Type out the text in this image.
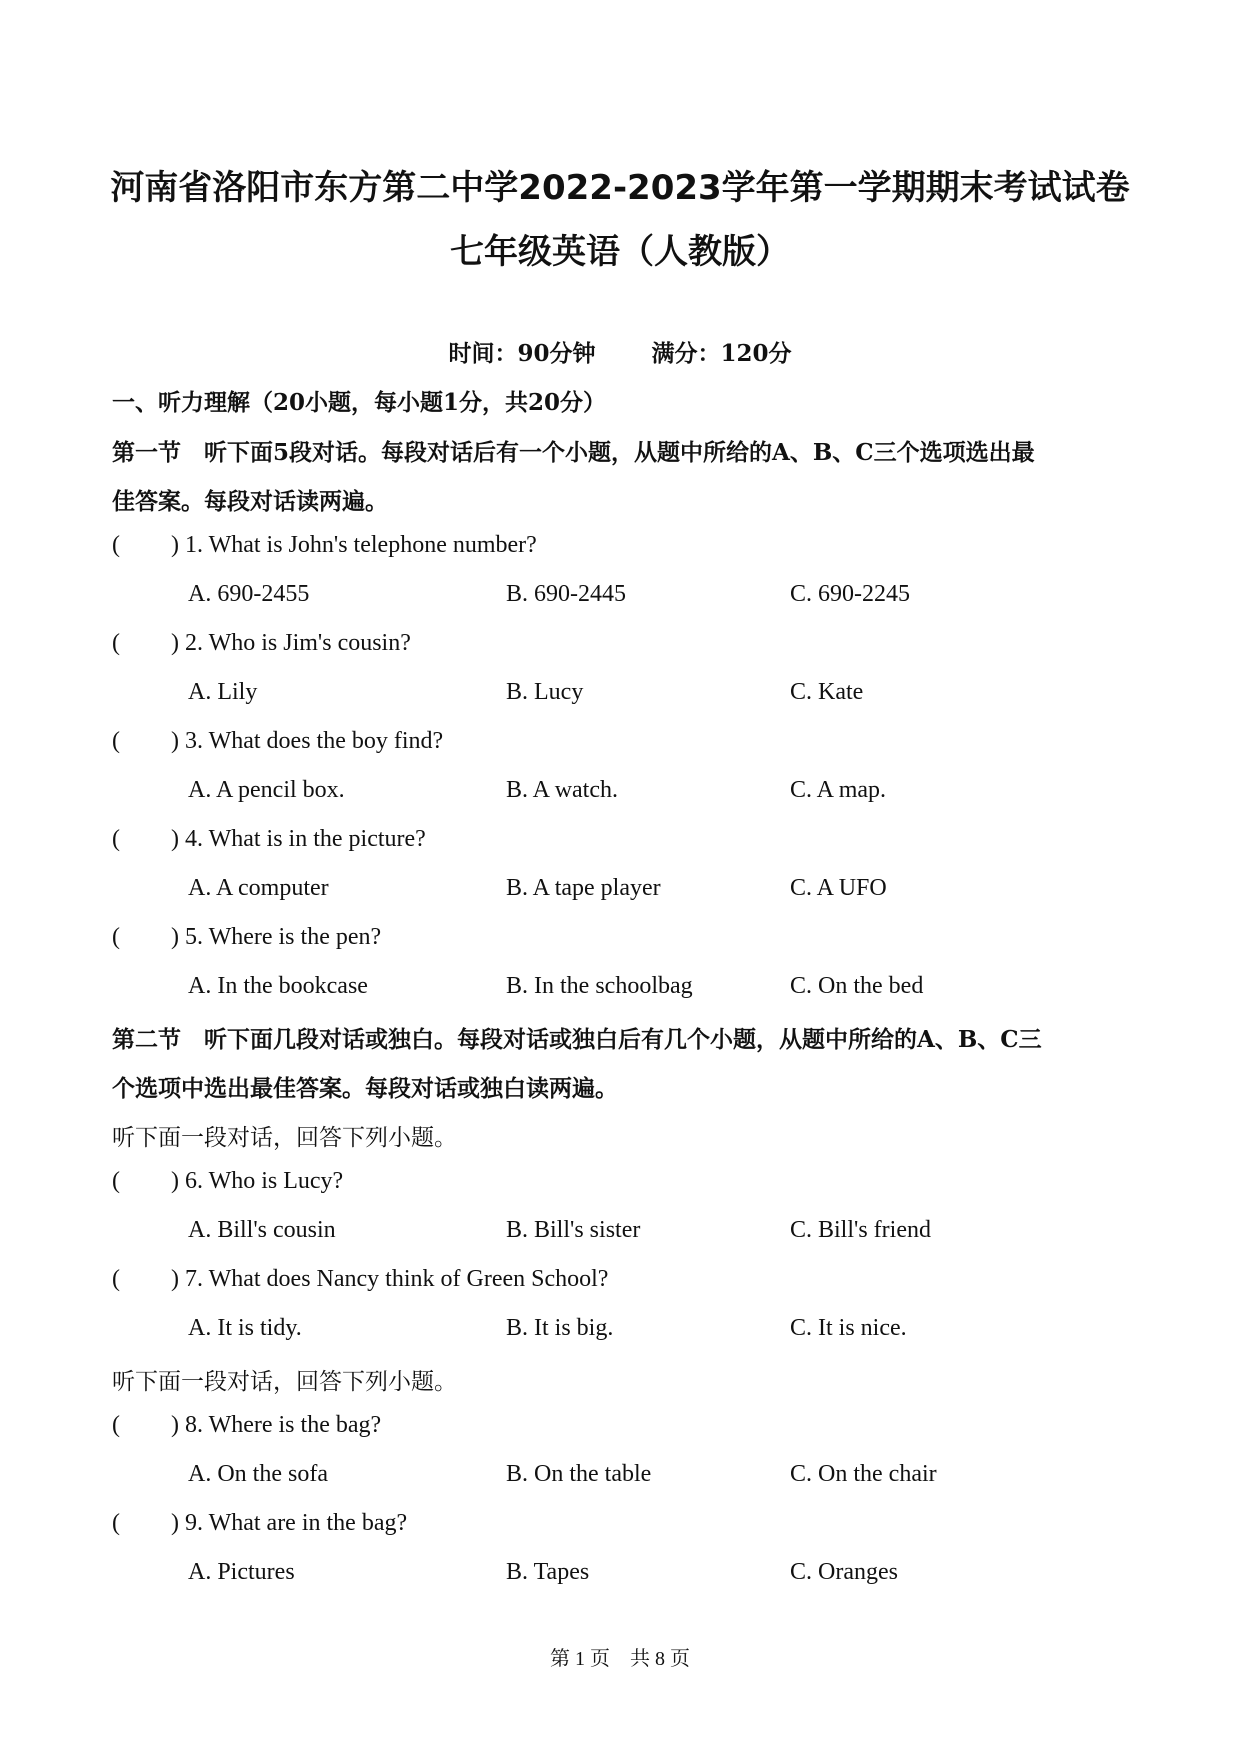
河南省洛阳市东方第二中学2022-2023学年第一学期期末考试试卷
七年级英语（人教版）
时间：90分钟 满分：120分
一、听力理解（20小题，每小题1分，共20分）
第一节　听下面5段对话。每段对话后有一个小题，从题中所给的A、B、C三个选项选出最
佳答案。每段对话读两遍。
( ) 1. What is John's telephone number?
A. 690-2455	B. 690-2445	C. 690-2245
( ) 2. Who is Jim's cousin?
A. Lily	B. Lucy	C. Kate
( ) 3. What does the boy find?
A. A pencil box.	B. A watch.	C. A map.
( ) 4. What is in the picture?
A. A computer	B. A tape player	C. A UFO
( ) 5. Where is the pen?
A. In the bookcase	B. In the schoolbag	C. On the bed
第二节　听下面几段对话或独白。每段对话或独白后有几个小题，从题中所给的A、B、C三
个选项中选出最佳答案。每段对话或独白读两遍。
听下面一段对话，回答下列小题。
( ) 6. Who is Lucy?
A. Bill's cousin	B. Bill's sister	C. Bill's friend
( ) 7. What does Nancy think of Green School?
A. It is tidy.	B. It is big.	C. It is nice.
听下面一段对话，回答下列小题。
( ) 8. Where is the bag?
A. On the sofa	B. On the table	C. On the chair
( ) 9. What are in the bag?
A. Pictures	B. Tapes	C. Oranges
第 1 页　共 8 页
